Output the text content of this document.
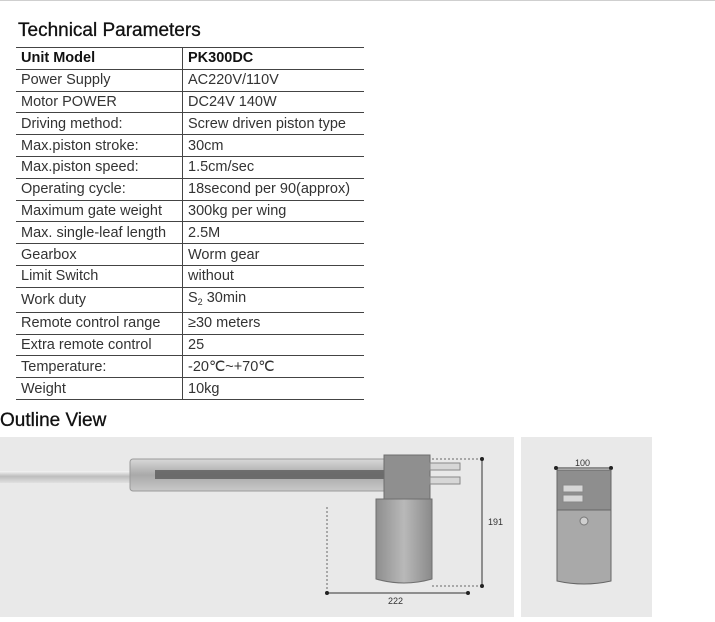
Technical Parameters
Unit Model	PK300DC
Power Supply	AC220V/110V
Motor POWER	DC24V 140W
Driving method:	Screw driven piston type
Max.piston stroke:	30cm
Max.piston speed:	1.5cm/sec
Operating cycle:	18second per 90(approx)
Maximum gate weight	300kg per wing
Max. single-leaf length	2.5M
Gearbox	Worm gear
Limit Switch	without
Work duty	$S_2$ 30min
Remote control range	≥30 meters
Extra remote control	25
Temperature:	-20℃~+70℃
Weight	10kg
Outline View
191
222
100
